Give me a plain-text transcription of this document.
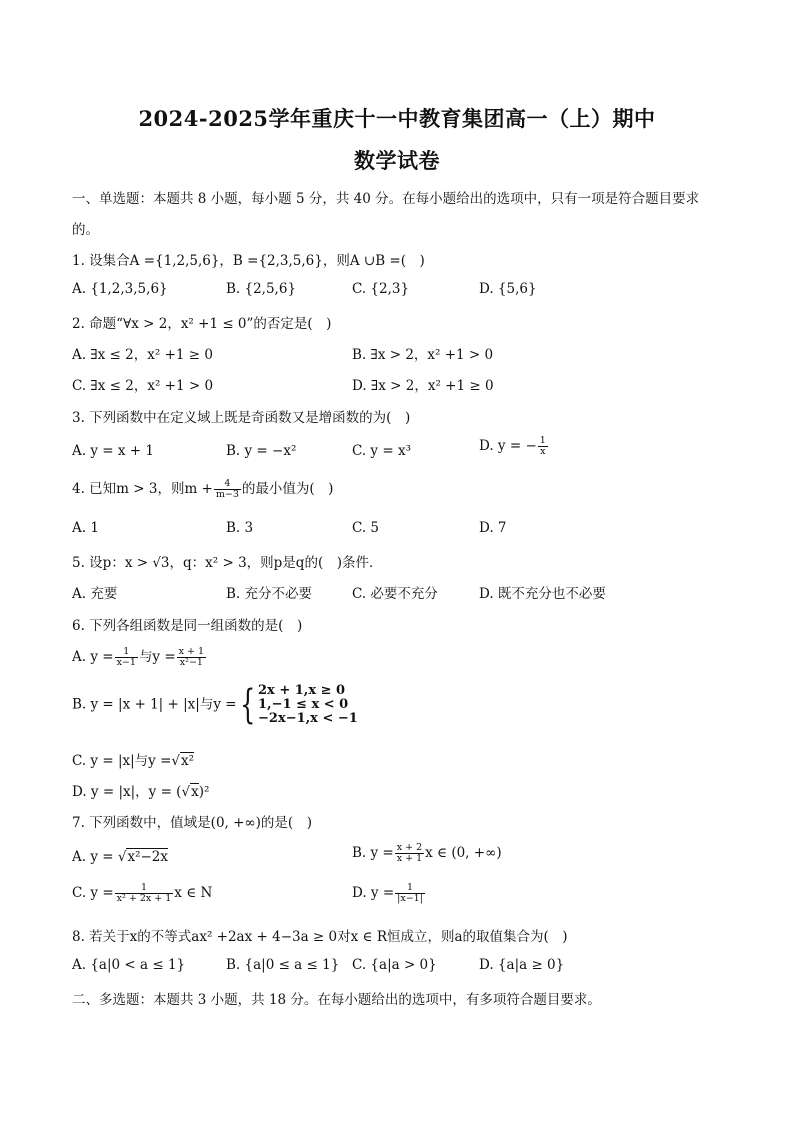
2024-2025学年重庆十一中教育集团高一（上）期中
数学试卷
一、单选题：本题共 8 小题，每小题 5 分，共 40 分。在每小题给出的选项中，只有一项是符合题目要求
的。
1. 设集合A ={1,2,5,6}，B ={2,3,5,6}，则A ∪B =(　)
A. {1,2,3,5,6}	B. {2,5,6}	C. {2,3}	D. {5,6}
2. 命题“∀x > 2，x² +1 ≤ 0”的否定是(　)
A. ∃x ≤ 2，x² +1 ≥ 0	B. ∃x > 2，x² +1 > 0
C. ∃x ≤ 2，x² +1 > 0	D. ∃x > 2，x² +1 ≥ 0
3. 下列函数中在定义域上既是奇函数又是增函数的为(　)
A. y = x + 1	B. y = −x²	C. y = x³	D. y = − $\frac{1}{x}$
4. 已知m > 3，则$m + \frac{4}{m-3}$ 的最小值为(　)
A. 1	B. 3	C. 5	D. 7
5. 设p：x > √3，q：x² > 3，则p是q的(　)条件．
A. 充要	B. 充分不必要	C. 必要不充分	D. 既不充分也不必要
6. 下列各组函数是同一组函数的是(　)
A. $y = \frac{1}{x-1}$ 与$y = \frac{x + 1}{\text{x²−1}}$
B. y = |x + 1| + |x|与y ={ 2x + 1,x ≥ 0
1,−1 ≤ x < 0
−2x−1,x < −1
C. y = |x|与y =√x²
D. y = |x|，y = (√x)²
7. 下列函数中，值域是(0, +∞)的是(　)
A. y = √x²−2x	B. $y = \frac{x + 2}{x + 1}$ x ∈ (0, +∞)
C. $y = \frac{1}{\text{x² + 2x + 1}}$ x ∈ N	D. $y = \frac{1}{|x-1|}$
8. 若关于x的不等式ax² +2ax + 4−3a ≥ 0对x ∈ R恒成立，则a的取值集合为(　)
A. {a|0 < a ≤ 1}	B. {a|0 ≤ a ≤ 1} C. {a|a > 0}	D. {a|a ≥ 0}
二、多选题：本题共 3 小题，共 18 分。在每小题给出的选项中，有多项符合题目要求。
